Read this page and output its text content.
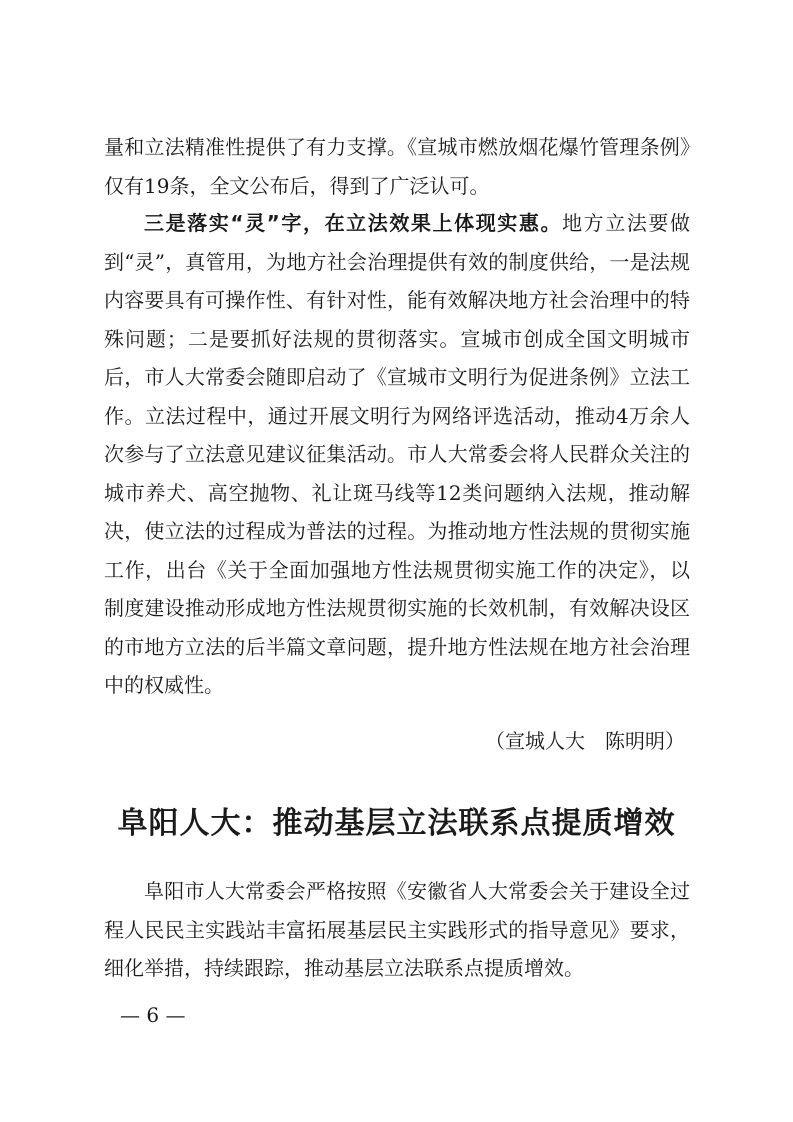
量和立法精准性提供了有力支撑。《宣城市燃放烟花爆竹管理条例》仅有19条，全文公布后，得到了广泛认可。

三是落实“灵”字，在立法效果上体现实惠。地方立法要做到“灵”，真管用，为地方社会治理提供有效的制度供给，一是法规内容要具有可操作性、有针对性，能有效解决地方社会治理中的特殊问题；二是要抓好法规的贯彻落实。宣城市创成全国文明城市后，市人大常委会随即启动了《宣城市文明行为促进条例》立法工作。立法过程中，通过开展文明行为网络评选活动，推动4万余人次参与了立法意见建议征集活动。市人大常委会将人民群众关注的城市养犬、高空抛物、礼让斑马线等12类问题纳入法规，推动解决，使立法的过程成为普法的过程。为推动地方性法规的贯彻实施工作，出台《关于全面加强地方性法规贯彻实施工作的决定》，以制度建设推动形成地方性法规贯彻实施的长效机制，有效解决设区的市地方立法的后半篇文章问题，提升地方性法规在地方社会治理中的权威性。

（宣城人大　陈明明）
阜阳人大：推动基层立法联系点提质增效

阜阳市人大常委会严格按照《安徽省人大常委会关于建设全过程人民民主实践站丰富拓展基层民主实践形式的指导意见》要求，细化举措，持续跟踪，推动基层立法联系点提质增效。

— 6 —
